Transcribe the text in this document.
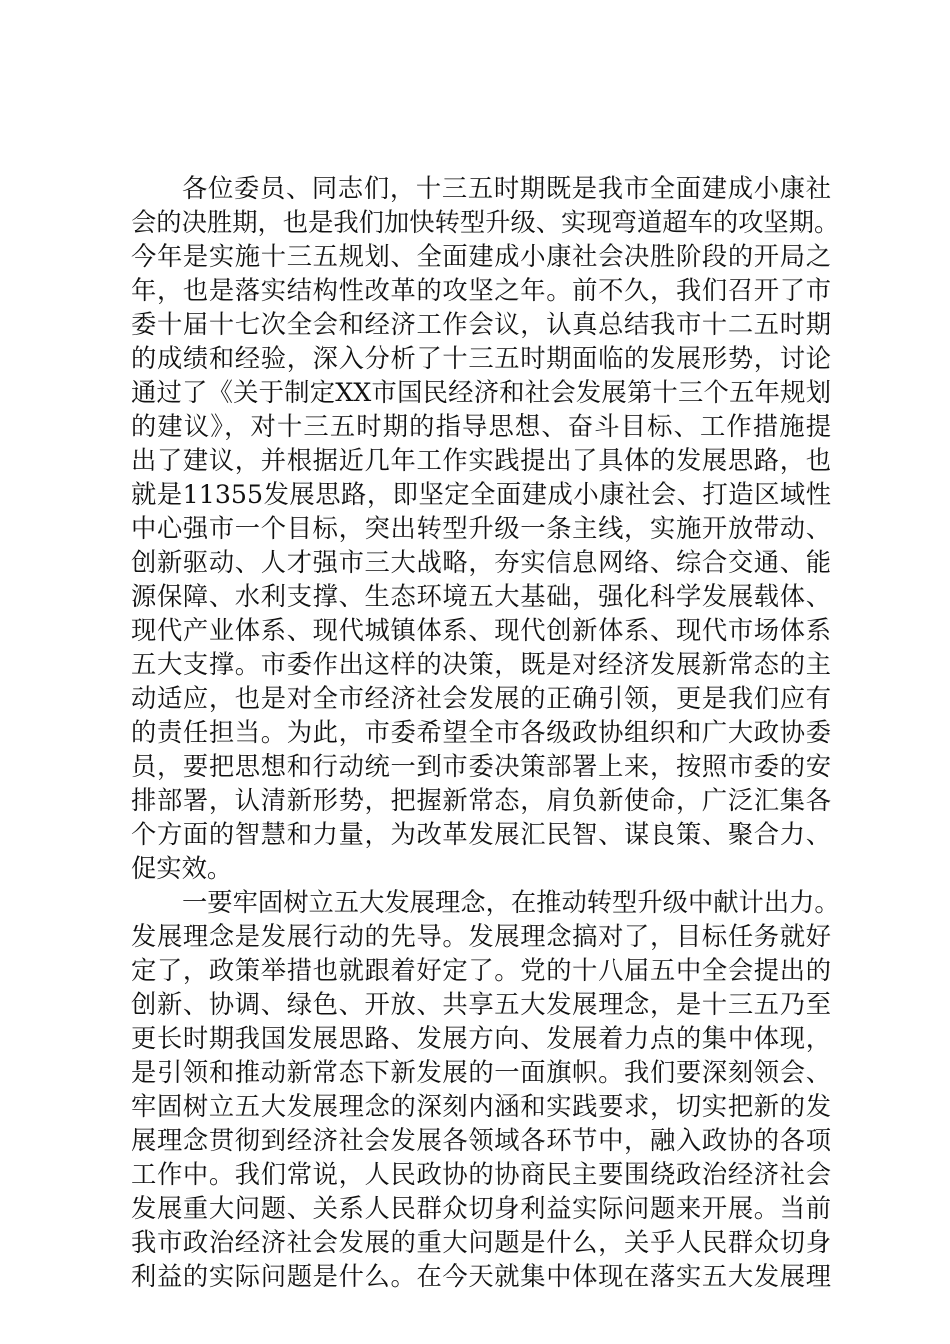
各位委员、同志们，十三五时期既是我市全面建成小康社
会的决胜期，也是我们加快转型升级、实现弯道超车的攻坚期。
今年是实施十三五规划、全面建成小康社会决胜阶段的开局之
年，也是落实结构性改革的攻坚之年。前不久，我们召开了市
委十届十七次全会和经济工作会议，认真总结我市十二五时期
的成绩和经验，深入分析了十三五时期面临的发展形势，讨论
通过了《关于制定XX市国民经济和社会发展第十三个五年规划
的建议》，对十三五时期的指导思想、奋斗目标、工作措施提
出了建议，并根据近几年工作实践提出了具体的发展思路，也
就是11355发展思路，即坚定全面建成小康社会、打造区域性
中心强市一个目标，突出转型升级一条主线，实施开放带动、
创新驱动、人才强市三大战略，夯实信息网络、综合交通、能
源保障、水利支撑、生态环境五大基础，强化科学发展载体、
现代产业体系、现代城镇体系、现代创新体系、现代市场体系
五大支撑。市委作出这样的决策，既是对经济发展新常态的主
动适应，也是对全市经济社会发展的正确引领，更是我们应有
的责任担当。为此，市委希望全市各级政协组织和广大政协委
员，要把思想和行动统一到市委决策部署上来，按照市委的安
排部署，认清新形势，把握新常态，肩负新使命，广泛汇集各
个方面的智慧和力量，为改革发展汇民智、谋良策、聚合力、
促实效。
一要牢固树立五大发展理念，在推动转型升级中献计出力。
发展理念是发展行动的先导。发展理念搞对了，目标任务就好
定了，政策举措也就跟着好定了。党的十八届五中全会提出的
创新、协调、绿色、开放、共享五大发展理念，是十三五乃至
更长时期我国发展思路、发展方向、发展着力点的集中体现，
是引领和推动新常态下新发展的一面旗帜。我们要深刻领会、
牢固树立五大发展理念的深刻内涵和实践要求，切实把新的发
展理念贯彻到经济社会发展各领域各环节中，融入政协的各项
工作中。我们常说，人民政协的协商民主要围绕政治经济社会
发展重大问题、关系人民群众切身利益实际问题来开展。当前
我市政治经济社会发展的重大问题是什么，关乎人民群众切身
利益的实际问题是什么。在今天就集中体现在落实五大发展理
